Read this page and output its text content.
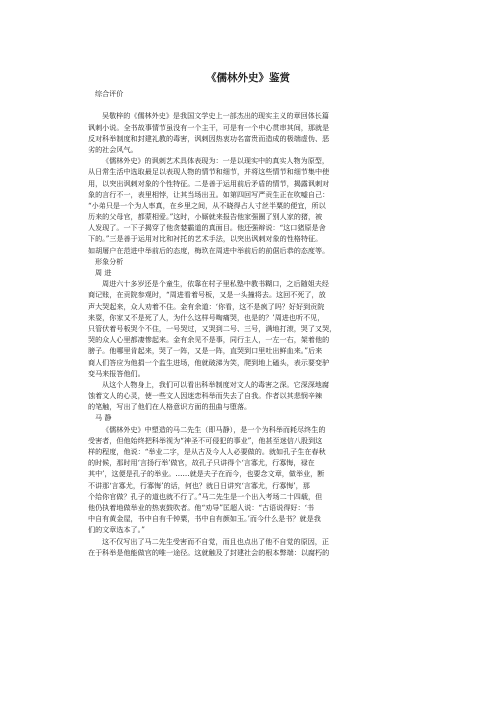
《儒林外史》鉴赏
综合评价
吴敬梓的《儒林外史》是我国文学史上一部杰出的现实主义的章回体长篇
讽刺小说。全书故事情节虽没有一个主干，可是有一个中心贯串其间，那就是
反对科举制度和封建礼教的毒害，讽刺因热衷功名富贵而造成的极端虚伪、恶
劣的社会风气。
《儒林外史》的讽刺艺术具体表现为：一是以现实中的真实人物为原型，
从日常生活中选取最足以表现人物的情节和细节，并将这些情节和细节集中使
用，以突出讽刺对象的个性特征。二是善于运用前后矛盾的情节，揭露讽刺对
象的言行不一，表里相悖，让其当场出丑。如第四回写严贡生正在吹嘘自己：
“小弟只是一个为人率真，在乡里之间，从不晓得占人寸丝半粟的便宜，所以
历来的父母官，都蒙相爱。”这时，小厮就来报告他家强圈了别人家的猪，被
人发现了。一下子揭穿了他贪婪霸道的真面目。他还强辩说：“这口猪原是舍
下的。”三是善于运用对比和衬托的艺术手法，以突出讽刺对象的性格特征。
如胡屠户在范进中举前后的态度，梅玖在周进中举前后的前倨后恭的态度等。
形象分析
周 进
周进六十多岁还是个童生，依靠在村子里私塾中教书糊口，之后随姐夫经
商记账，在贡院参观时，“周进看着号板，又是一头撞将去。这回不死了，放
声大哭起来，众人劝着不住。金有余道：‘你看，这不是疯了吗？好好到贡院
来耍，你家又不是死了人，为什么这样号啕痛哭，也是的？’周进也听不见，
只管伏着号板哭个不住，一号哭过，又哭到二号、三号，满地打滚，哭了又哭，
哭的众人心里都凄惨起来。金有余见不是事，同行主人，一左一右，架着他的
膀子。他哪里肯起来，哭了一阵，又是一阵，直哭到口里吐出鲜血来。”后来
商人们答应为他捐一个监生进场，他就破涕为笑，爬到地上磕头，表示要变驴
变马来报答他们。
从这个人物身上，我们可以看出科举制度对文人的毒害之深。它深深地腐
蚀着文人的心灵，使一些文人因迷恋科举而失去了自我。作者以其悲悯辛辣
的笔触，写出了他们在人格意识方面的扭曲与堕落。
马 静
《儒林外史》中塑造的马二先生（即马静），是一个为科举而耗尽终生的
受害者，但他始终把科举视为“神圣不可侵犯的事业”，他甚至迷信八股到这
样的程度，他说：“举业二字，是从古及今人人必要做的。就如孔子生在春秋
的时候，那时用‘言扬行举’做官，故孔子只讲得个‘言寡尤，行寡悔，禄在
其中’，这便是孔子的举业。……就是夫子在而今，也要念文章，做举业，断
不讲那‘言寡尤，行寡悔’的话，何也？就日日讲究‘言寡尤，行寡悔’，那
个给你官做？孔子的道也就不行了。”马二先生是一个出入考场二十四载，但
他仍执着地做举业的热衷鼓吹者。他“劝导”匡超人说：“古语说得好：‘书
中自有黄金屋，书中自有千钟粟，书中自有颜如玉。’而今什么是书？就是我
们的文章选本了。”
这不仅写出了马二先生受害而不自觉，而且也点出了他不自觉的原因，正
在于科举是他能做官的唯一途径。这就触及了封建社会的根本弊端：以腐朽的
